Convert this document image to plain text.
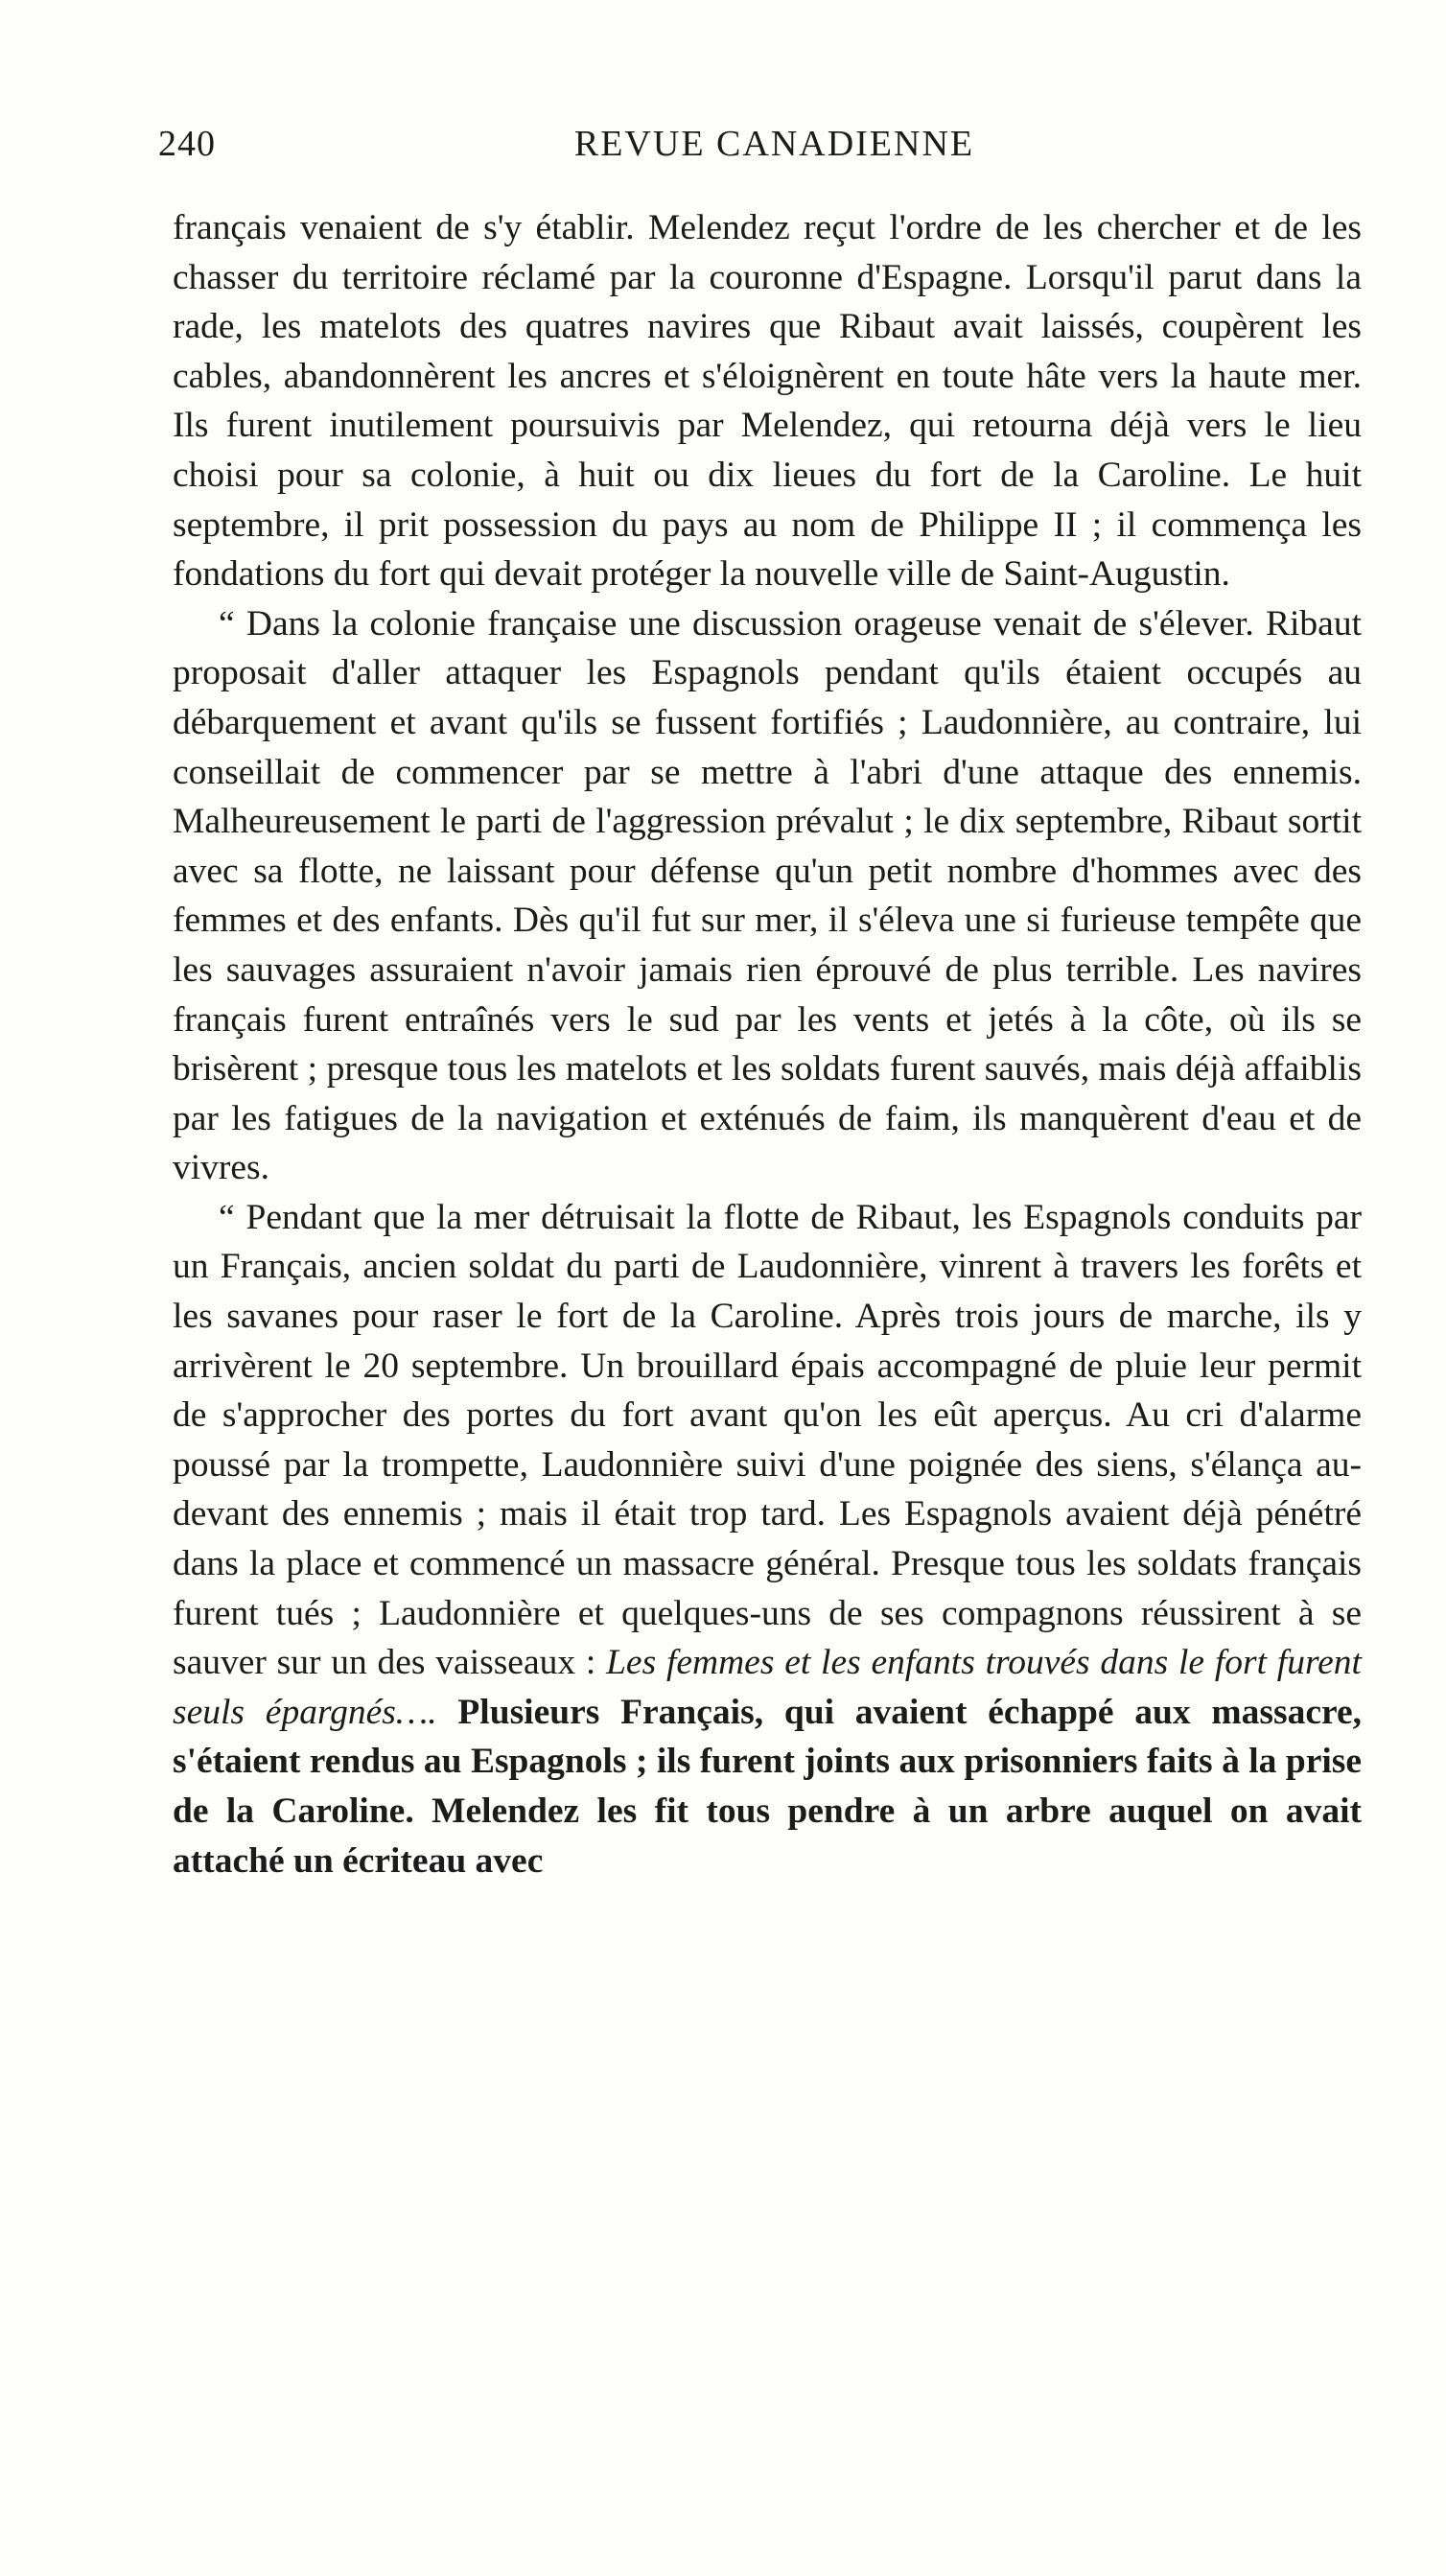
240	REVUE CANADIENNE

français venaient de s'y établir. Melendez reçut l'ordre de les chercher et de les chasser du territoire réclamé par la couronne d'Espagne. Lorsqu'il parut dans la rade, les matelots des quatres navires que Ribaut avait laissés, coupèrent les cables, abandonnèrent les ancres et s'éloignèrent en toute hâte vers la haute mer. Ils furent inutilement poursuivis par Melendez, qui retourna déjà vers le lieu choisi pour sa colonie, à huit ou dix lieues du fort de la Caroline. Le huit septembre, il prit possession du pays au nom de Philippe II ; il commença les fondations du fort qui devait protéger la nouvelle ville de Saint-Augustin.

“ Dans la colonie française une discussion orageuse venait de s'élever. Ribaut proposait d'aller attaquer les Espagnols pendant qu'ils étaient occupés au débarquement et avant qu'ils se fussent fortifiés ; Laudonnière, au contraire, lui conseillait de commencer par se mettre à l'abri d'une attaque des ennemis. Malheureusement le parti de l'aggression prévalut ; le dix septembre, Ribaut sortit avec sa flotte, ne laissant pour défense qu'un petit nombre d'hommes avec des femmes et des enfants. Dès qu'il fut sur mer, il s'éleva une si furieuse tempête que les sauvages assuraient n'avoir jamais rien éprouvé de plus terrible. Les navires français furent entraînés vers le sud par les vents et jetés à la côte, où ils se brisèrent ; presque tous les matelots et les soldats furent sauvés, mais déjà affaiblis par les fatigues de la navigation et exténués de faim, ils manquèrent d'eau et de vivres.

“ Pendant que la mer détruisait la flotte de Ribaut, les Espagnols conduits par un Français, ancien soldat du parti de Laudonnière, vinrent à travers les forêts et les savanes pour raser le fort de la Caroline. Après trois jours de marche, ils y arrivèrent le 20 septembre. Un brouillard épais accompagné de pluie leur permit de s'approcher des portes du fort avant qu'on les eût aperçus. Au cri d'alarme poussé par la trompette, Laudonnière suivi d'une poignée des siens, s'élança au-devant des ennemis ; mais il était trop tard. Les Espagnols avaient déjà pénétré dans la place et commencé un massacre général. Presque tous les soldats français furent tués ; Laudonnière et quelques-uns de ses compagnons réussirent à se sauver sur un des vaisseaux : Les femmes et les enfants trouvés dans le fort furent seuls épargnés…. Plusieurs Français, qui avaient échappé aux massacre, s'étaient rendus au Espagnols ; ils furent joints aux prisonniers faits à la prise de la Caroline. Melendez les fit tous pendre à un arbre auquel on avait attaché un écriteau avec
